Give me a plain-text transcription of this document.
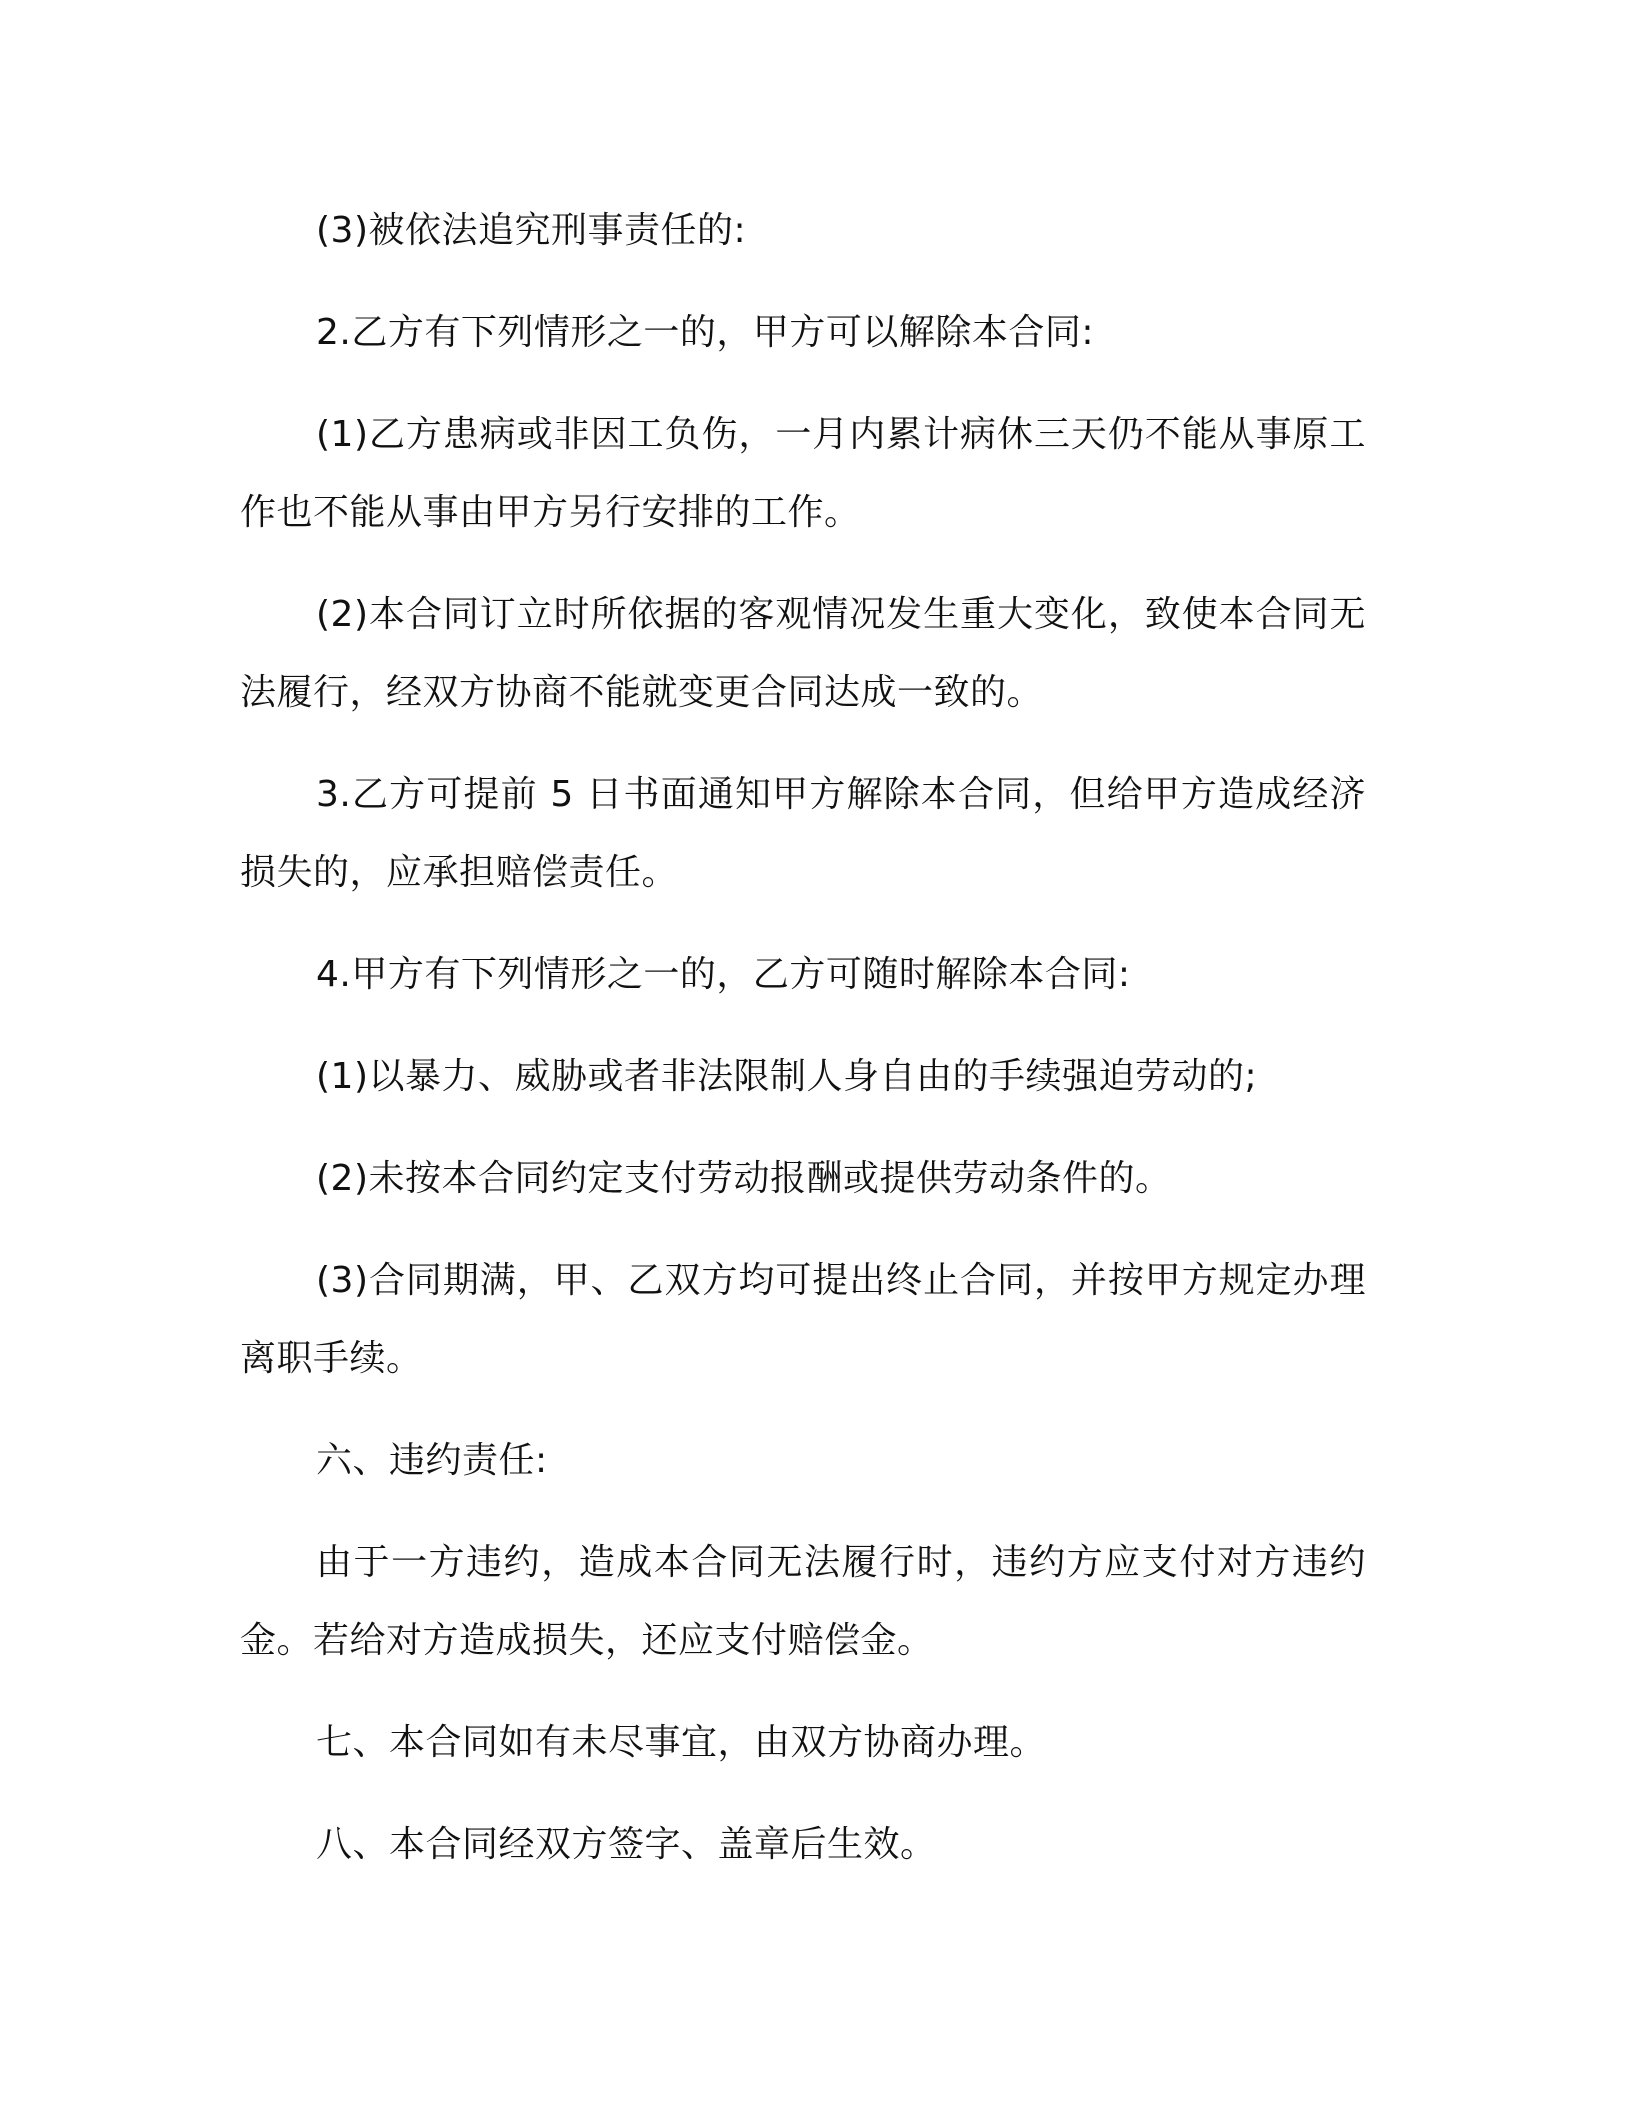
(3)被依法追究刑事责任的:

2.乙方有下列情形之一的，甲方可以解除本合同:

(1)乙方患病或非因工负伤，一月内累计病休三天仍不能从事原工作也不能从事由甲方另行安排的工作。

(2)本合同订立时所依据的客观情况发生重大变化，致使本合同无法履行，经双方协商不能就变更合同达成一致的。

3.乙方可提前 5 日书面通知甲方解除本合同，但给甲方造成经济损失的，应承担赔偿责任。

4.甲方有下列情形之一的，乙方可随时解除本合同:

(1)以暴力、威胁或者非法限制人身自由的手续强迫劳动的;

(2)未按本合同约定支付劳动报酬或提供劳动条件的。

(3)合同期满，甲、乙双方均可提出终止合同，并按甲方规定办理离职手续。

六、违约责任:

由于一方违约，造成本合同无法履行时，违约方应支付对方违约金。若给对方造成损失，还应支付赔偿金。

七、本合同如有未尽事宜，由双方协商办理。

八、本合同经双方签字、盖章后生效。
